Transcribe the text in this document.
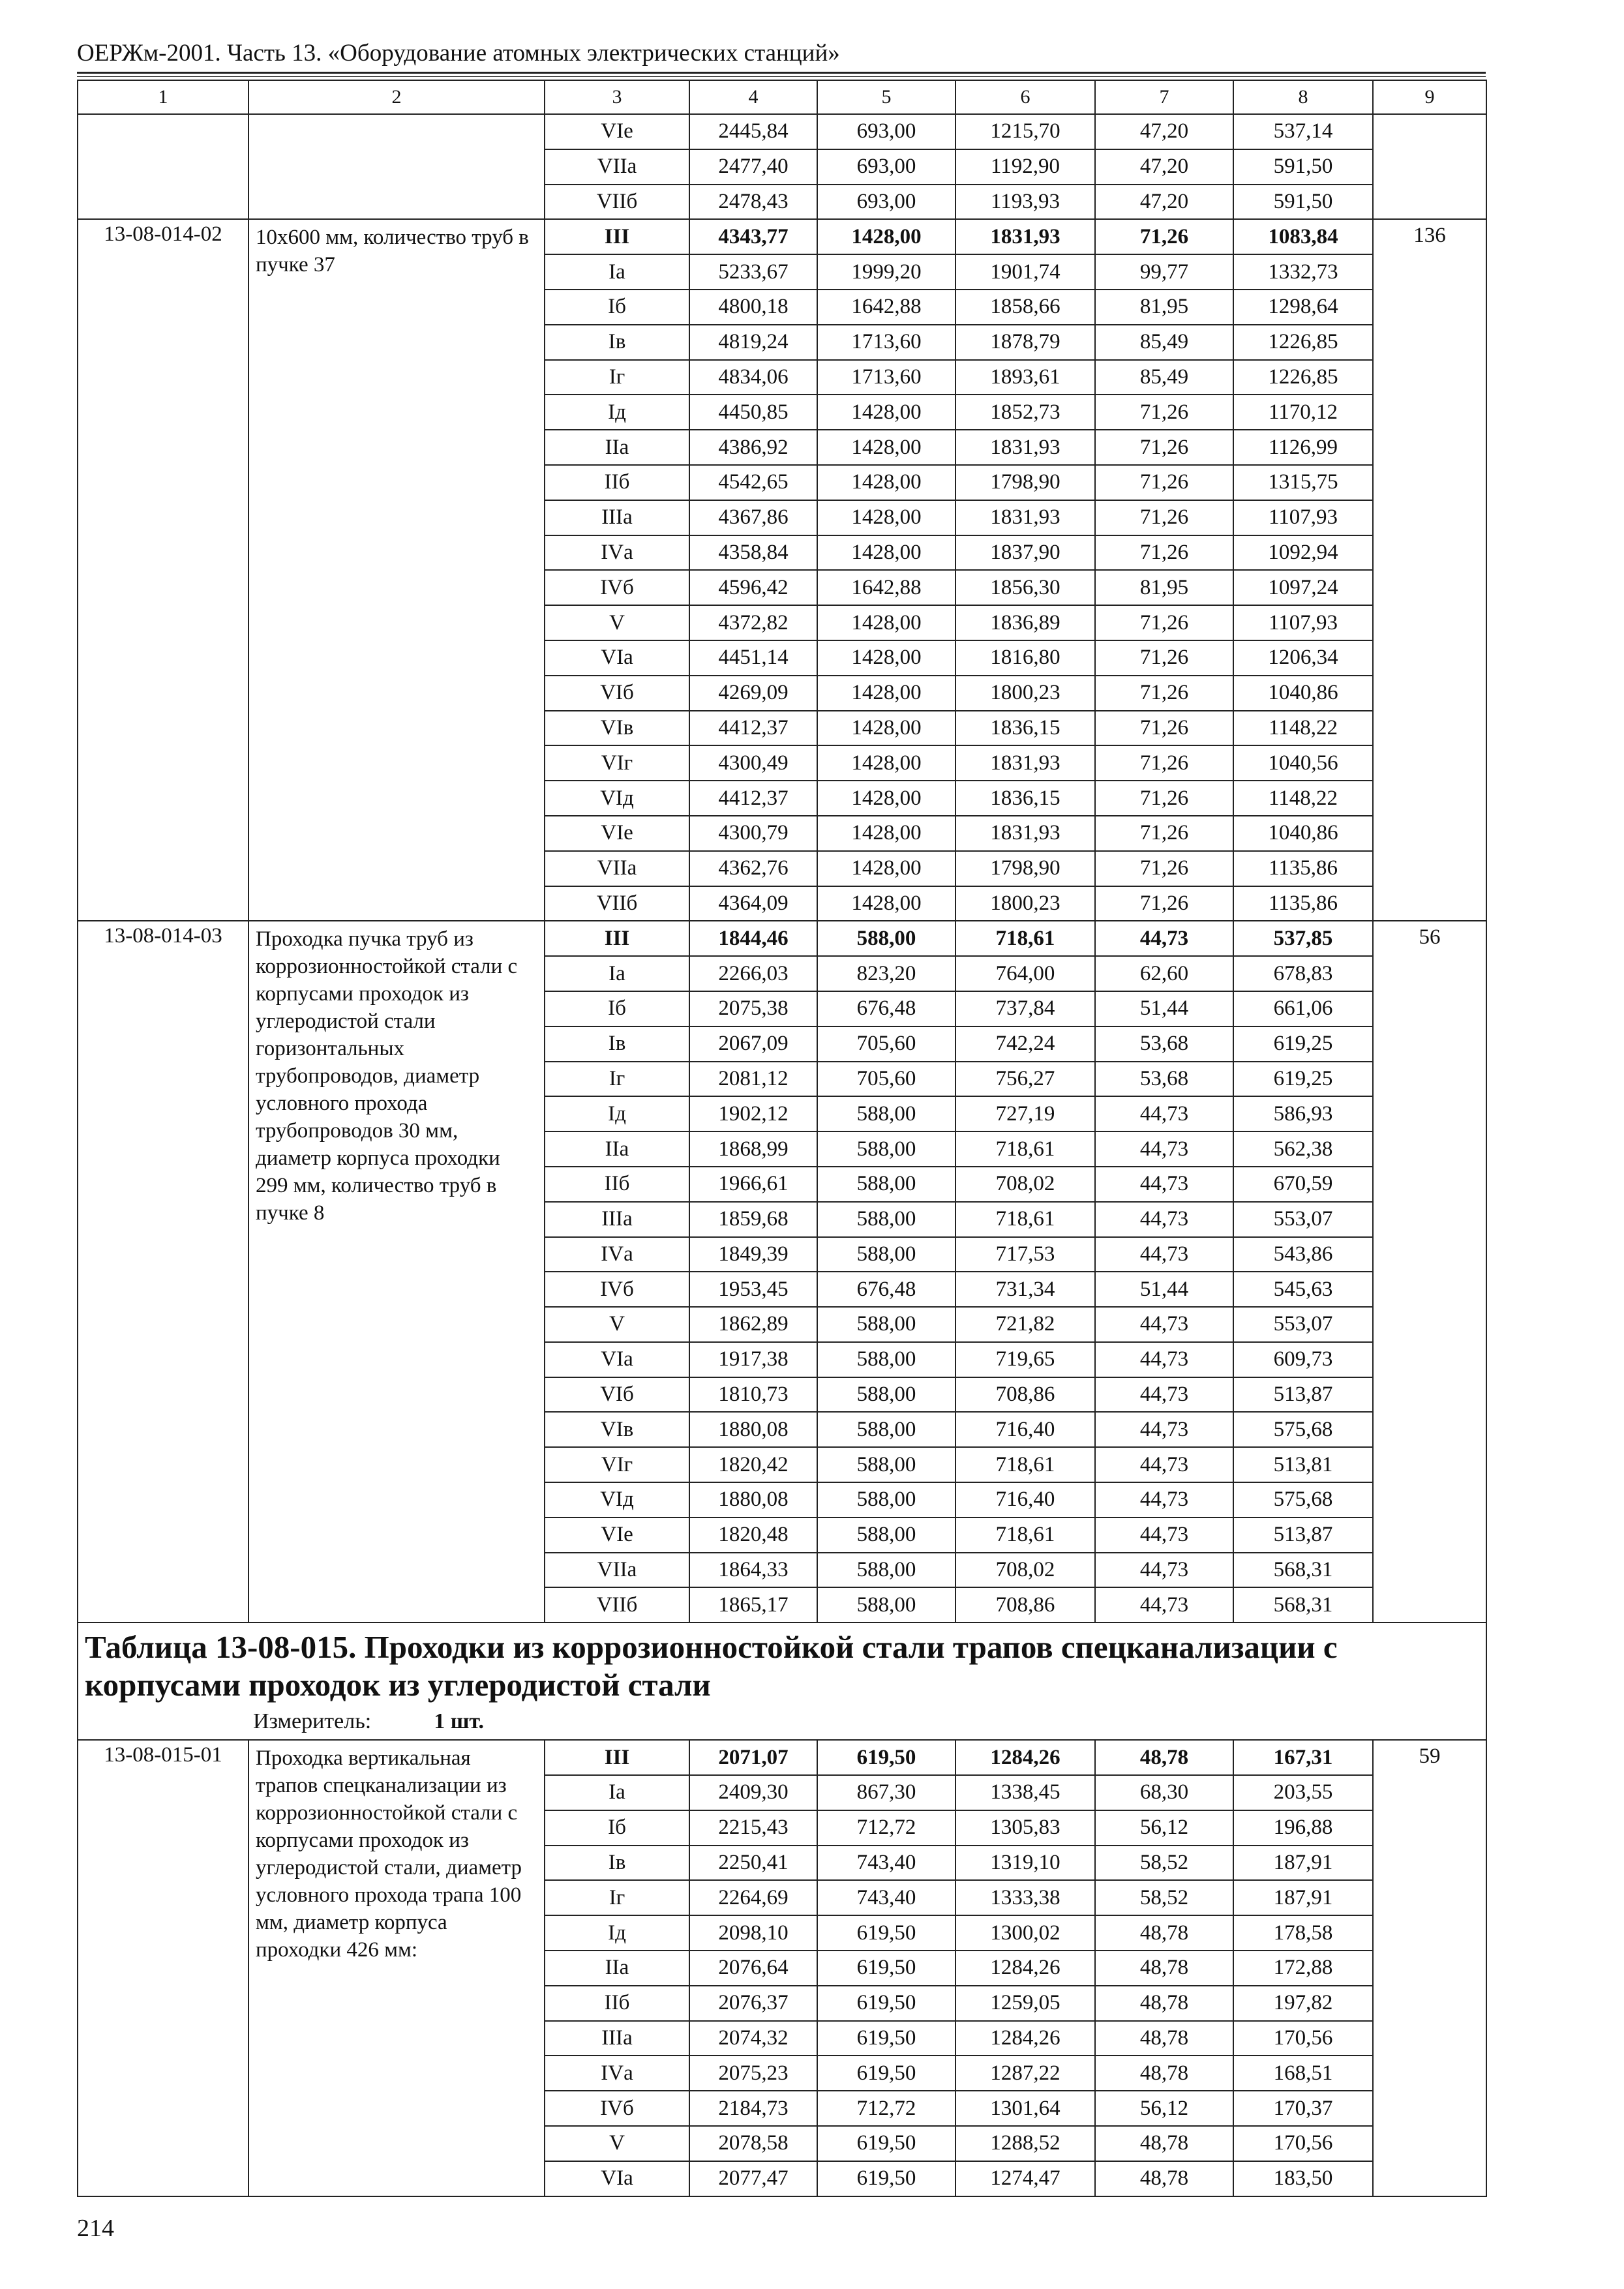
ОЕРЖм-2001. Часть 13. «Оборудование атомных электрических станций»
1	2	3	4	5	6	7	8	9
		VIе	2445,84	693,00	1215,70	47,20	537,14	
		VIIа	2477,40	693,00	1192,90	47,20	591,50	
		VIIб	2478,43	693,00	1193,93	47,20	591,50	
13-08-014-02	10х600 мм, количество труб в пучке 37	III	4343,77	1428,00	1831,93	71,26	1083,84	136
		Iа	5233,67	1999,20	1901,74	99,77	1332,73	
		Iб	4800,18	1642,88	1858,66	81,95	1298,64	
		Iв	4819,24	1713,60	1878,79	85,49	1226,85	
		Iг	4834,06	1713,60	1893,61	85,49	1226,85	
		Iд	4450,85	1428,00	1852,73	71,26	1170,12	
		IIа	4386,92	1428,00	1831,93	71,26	1126,99	
		IIб	4542,65	1428,00	1798,90	71,26	1315,75	
		IIIа	4367,86	1428,00	1831,93	71,26	1107,93	
		IVа	4358,84	1428,00	1837,90	71,26	1092,94	
		IVб	4596,42	1642,88	1856,30	81,95	1097,24	
		V	4372,82	1428,00	1836,89	71,26	1107,93	
		VIа	4451,14	1428,00	1816,80	71,26	1206,34	
		VIб	4269,09	1428,00	1800,23	71,26	1040,86	
		VIв	4412,37	1428,00	1836,15	71,26	1148,22	
		VIг	4300,49	1428,00	1831,93	71,26	1040,56	
		VIд	4412,37	1428,00	1836,15	71,26	1148,22	
		VIе	4300,79	1428,00	1831,93	71,26	1040,86	
		VIIа	4362,76	1428,00	1798,90	71,26	1135,86	
		VIIб	4364,09	1428,00	1800,23	71,26	1135,86	
13-08-014-03	Проходка пучка труб из коррозионностойкой стали с корпусами проходок из углеродистой стали горизонтальных трубопроводов, диаметр условного прохода трубопроводов 30 мм, диаметр корпуса проходки 299 мм, количество труб в пучке 8	III	1844,46	588,00	718,61	44,73	537,85	56
		Iа	2266,03	823,20	764,00	62,60	678,83	
		Iб	2075,38	676,48	737,84	51,44	661,06	
		Iв	2067,09	705,60	742,24	53,68	619,25	
		Iг	2081,12	705,60	756,27	53,68	619,25	
		Iд	1902,12	588,00	727,19	44,73	586,93	
		IIа	1868,99	588,00	718,61	44,73	562,38	
		IIб	1966,61	588,00	708,02	44,73	670,59	
		IIIа	1859,68	588,00	718,61	44,73	553,07	
		IVа	1849,39	588,00	717,53	44,73	543,86	
		IVб	1953,45	676,48	731,34	51,44	545,63	
		V	1862,89	588,00	721,82	44,73	553,07	
		VIа	1917,38	588,00	719,65	44,73	609,73	
		VIб	1810,73	588,00	708,86	44,73	513,87	
		VIв	1880,08	588,00	716,40	44,73	575,68	
		VIг	1820,42	588,00	718,61	44,73	513,81	
		VIд	1880,08	588,00	716,40	44,73	575,68	
		VIе	1820,48	588,00	718,61	44,73	513,87	
		VIIа	1864,33	588,00	708,02	44,73	568,31	
		VIIб	1865,17	588,00	708,86	44,73	568,31	

Таблица 13-08-015. Проходки из коррозионностойкой стали трапов спецканализации с корпусами проходок из углеродистой стали
Измеритель: 1 шт.								

13-08-015-01	Проходка вертикальная трапов спецканализации из коррозионностойкой стали с корпусами проходок из углеродистой стали, диаметр условного прохода трапа 100 мм, диаметр корпуса проходки 426 мм:	III	2071,07	619,50	1284,26	48,78	167,31	59
		Iа	2409,30	867,30	1338,45	68,30	203,55	
		Iб	2215,43	712,72	1305,83	56,12	196,88	
		Iв	2250,41	743,40	1319,10	58,52	187,91	
		Iг	2264,69	743,40	1333,38	58,52	187,91	
		Iд	2098,10	619,50	1300,02	48,78	178,58	
		IIа	2076,64	619,50	1284,26	48,78	172,88	
		IIб	2076,37	619,50	1259,05	48,78	197,82	
		IIIа	2074,32	619,50	1284,26	48,78	170,56	
		IVа	2075,23	619,50	1287,22	48,78	168,51	
		IVб	2184,73	712,72	1301,64	56,12	170,37	
		V	2078,58	619,50	1288,52	48,78	170,56	
		VIа	2077,47	619,50	1274,47	48,78	183,50	
214
